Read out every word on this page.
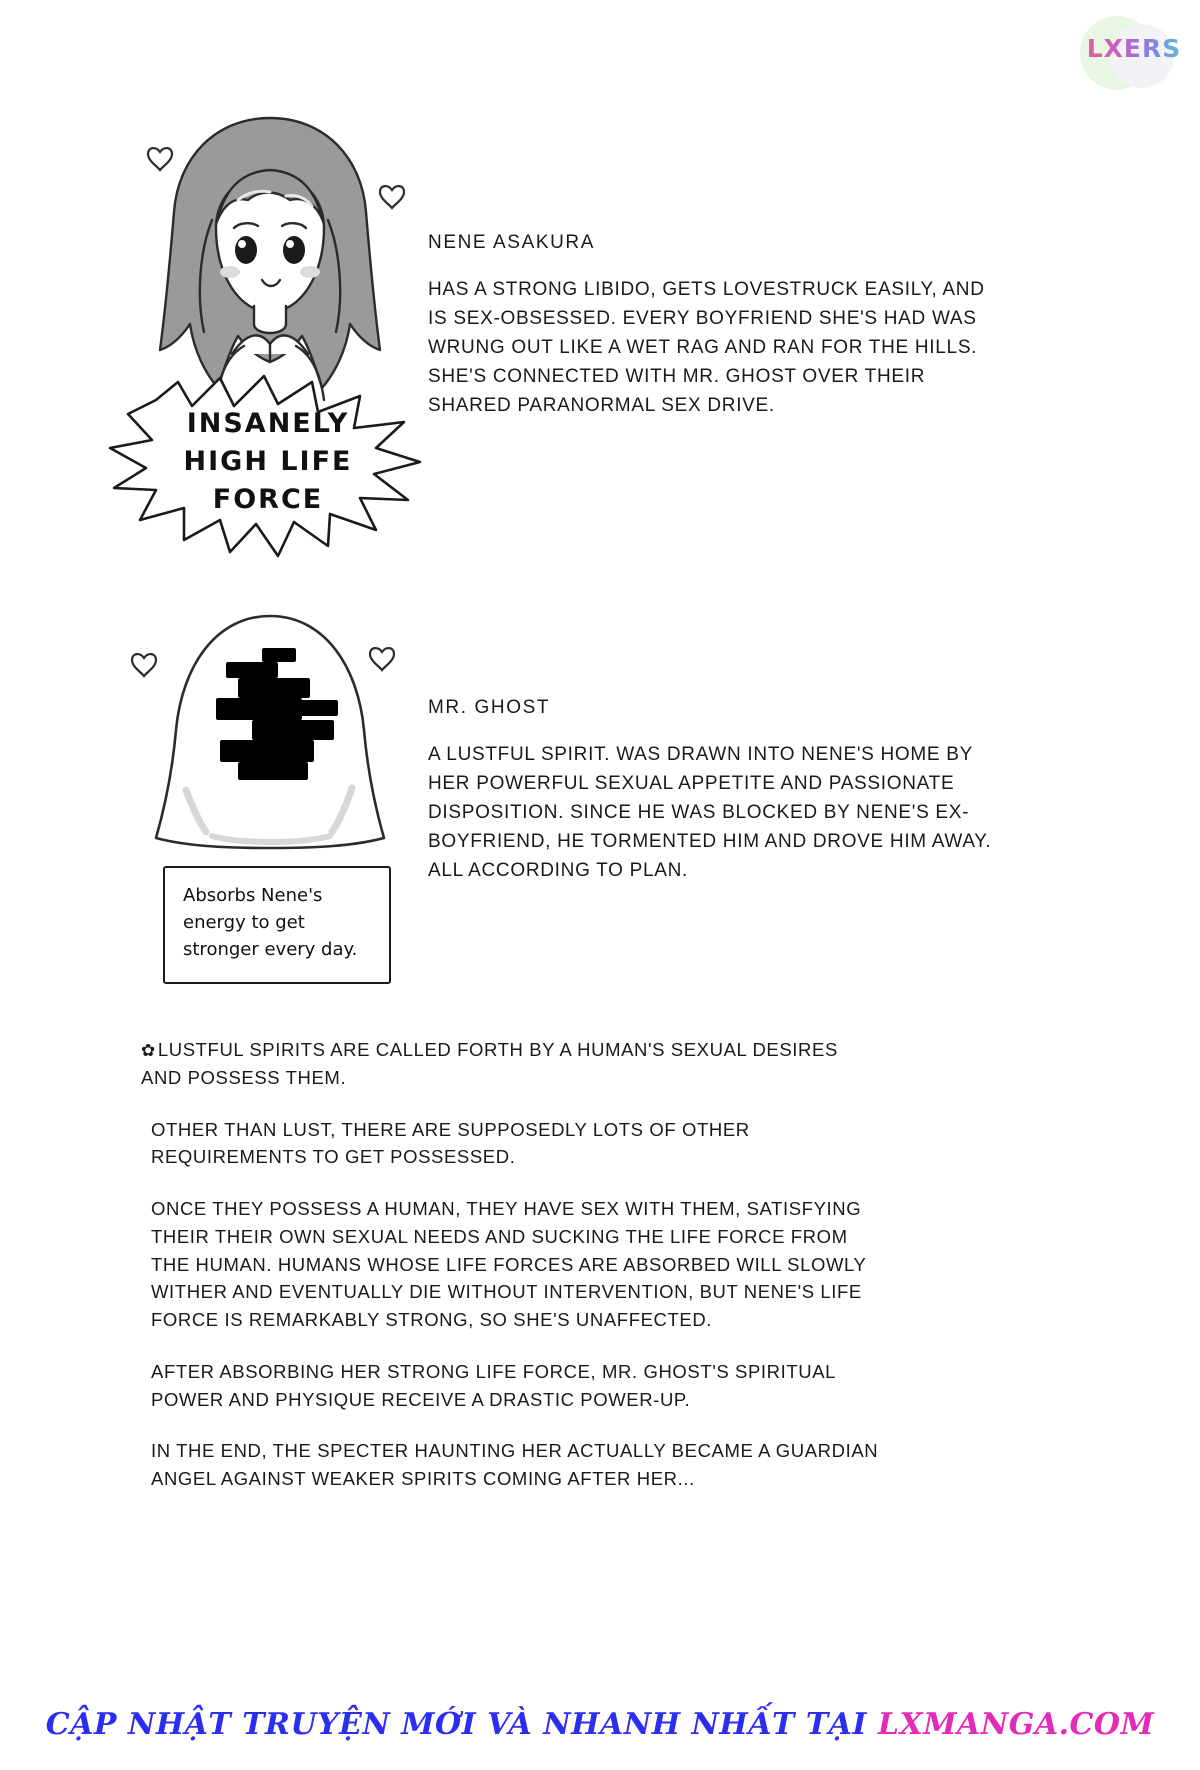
LXERS
INSANELY
HIGH LIFE
FORCE
NENE ASAKURA
HAS A STRONG LIBIDO, GETS LOVESTRUCK EASILY, AND IS SEX-OBSESSED. EVERY BOYFRIEND SHE'S HAD WAS WRUNG OUT LIKE A WET RAG AND RAN FOR THE HILLS. SHE'S CONNECTED WITH MR. GHOST OVER THEIR SHARED PARANORMAL SEX DRIVE.
Absorbs Nene's energy to get stronger every day.
MR. GHOST
A LUSTFUL SPIRIT. WAS DRAWN INTO NENE'S HOME BY HER POWERFUL SEXUAL APPETITE AND PASSIONATE DISPOSITION. SINCE HE WAS BLOCKED BY NENE'S EX-BOYFRIEND, HE TORMENTED HIM AND DROVE HIM AWAY. ALL ACCORDING TO PLAN.

✿ LUSTFUL SPIRITS ARE CALLED FORTH BY A HUMAN'S SEXUAL DESIRES AND POSSESS THEM.

OTHER THAN LUST, THERE ARE SUPPOSEDLY LOTS OF OTHER REQUIREMENTS TO GET POSSESSED.

ONCE THEY POSSESS A HUMAN, THEY HAVE SEX WITH THEM, SATISFYING THEIR THEIR OWN SEXUAL NEEDS AND SUCKING THE LIFE FORCE FROM THE HUMAN. HUMANS WHOSE LIFE FORCES ARE ABSORBED WILL SLOWLY WITHER AND EVENTUALLY DIE WITHOUT INTERVENTION, BUT NENE'S LIFE FORCE IS REMARKABLY STRONG, SO SHE'S UNAFFECTED.

AFTER ABSORBING HER STRONG LIFE FORCE, MR. GHOST'S SPIRITUAL POWER AND PHYSIQUE RECEIVE A DRASTIC POWER-UP.

IN THE END, THE SPECTER HAUNTING HER ACTUALLY BECAME A GUARDIAN ANGEL AGAINST WEAKER SPIRITS COMING AFTER HER...

CẬP NHẬT TRUYỆN MỚI VÀ NHANH NHẤT TẠI LXMANGA.COM
